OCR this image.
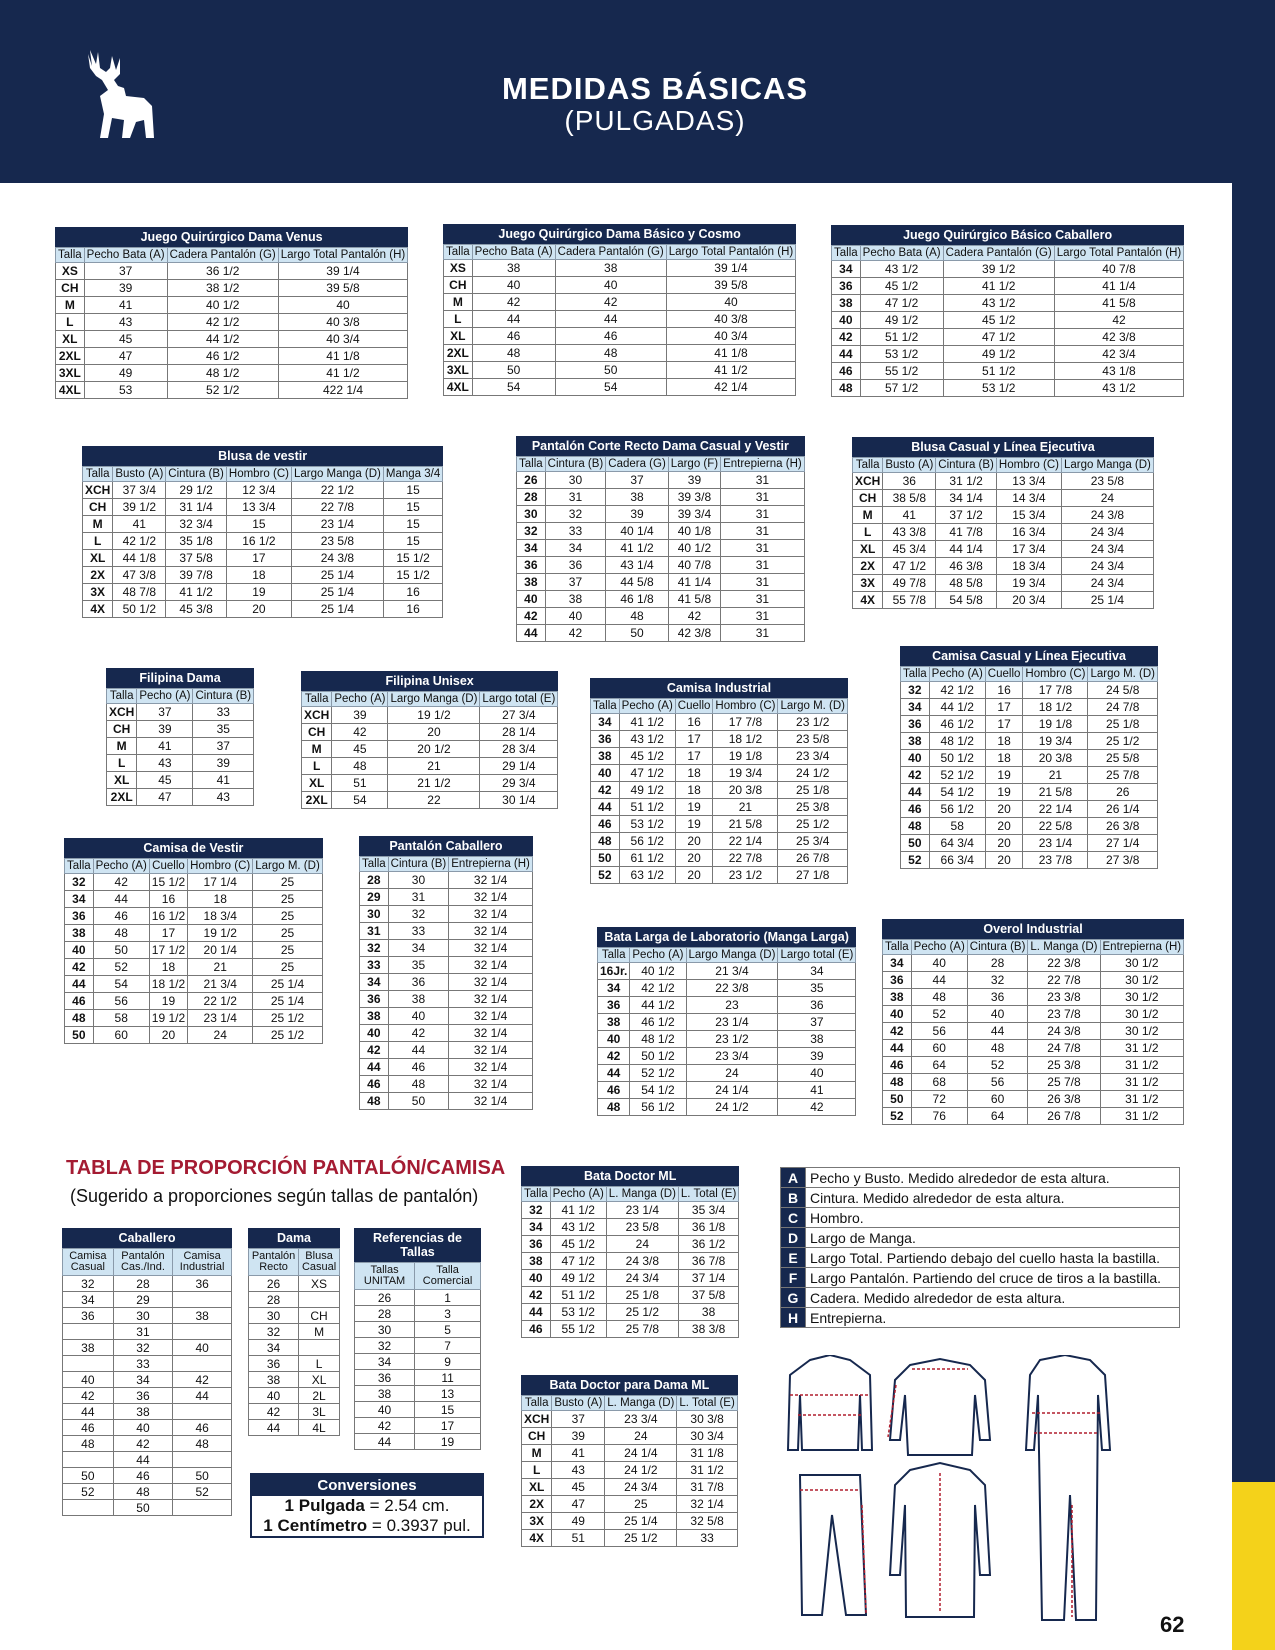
MEDIDAS BÁSICAS
(PULGADAS)
Juego Quirúrgico Dama Venus
Talla	Pecho Bata (A)	Cadera Pantalón (G)	Largo Total Pantalón (H)
XS	37	36 1/2	39 1/4
CH	39	38 1/2	39 5/8
M	41	40 1/2	40
L	43	42 1/2	40 3/8
XL	45	44 1/2	40 3/4
2XL	47	46 1/2	41 1/8
3XL	49	48 1/2	41 1/2
4XL	53	52 1/2	422 1/4
Juego Quirúrgico Dama Básico y Cosmo
Talla	Pecho Bata (A)	Cadera Pantalón (G)	Largo Total Pantalón (H)
XS	38	38	39 1/4
CH	40	40	39 5/8
M	42	42	40
L	44	44	40 3/8
XL	46	46	40 3/4
2XL	48	48	41 1/8
3XL	50	50	41 1/2
4XL	54	54	42 1/4
Juego Quirúrgico Básico Caballero
Talla	Pecho Bata (A)	Cadera Pantalón (G)	Largo Total Pantalón (H)
34	43 1/2	39 1/2	40 7/8
36	45 1/2	41 1/2	41 1/4
38	47 1/2	43 1/2	41 5/8
40	49 1/2	45 1/2	42
42	51 1/2	47 1/2	42 3/8
44	53 1/2	49 1/2	42 3/4
46	55 1/2	51 1/2	43 1/8
48	57 1/2	53 1/2	43 1/2
Blusa de vestir
Talla	Busto (A)	Cintura (B)	Hombro (C)	Largo Manga (D)	Manga 3/4
XCH	37 3/4	29 1/2	12 3/4	22 1/2	15
CH	39 1/2	31 1/4	13 3/4	22 7/8	15
M	41	32 3/4	15	23 1/4	15
L	42 1/2	35 1/8	16 1/2	23 5/8	15
XL	44 1/8	37 5/8	17	24 3/8	15 1/2
2X	47 3/8	39 7/8	18	25 1/4	15 1/2
3X	48 7/8	41 1/2	19	25 1/4	16
4X	50 1/2	45 3/8	20	25 1/4	16
Pantalón Corte Recto Dama Casual y Vestir
Talla	Cintura (B)	Cadera (G)	Largo (F)	Entrepierna (H)
26	30	37	39	31
28	31	38	39 3/8	31
30	32	39	39 3/4	31
32	33	40 1/4	40 1/8	31
34	34	41 1/2	40 1/2	31
36	36	43 1/4	40 7/8	31
38	37	44 5/8	41 1/4	31
40	38	46 1/8	41 5/8	31
42	40	48	42	31
44	42	50	42 3/8	31
Blusa Casual y Línea Ejecutiva
Talla	Busto (A)	Cintura (B)	Hombro (C)	Largo Manga (D)
XCH	36	31 1/2	13 3/4	23 5/8
CH	38 5/8	34 1/4	14 3/4	24
M	41	37 1/2	15 3/4	24 3/8
L	43 3/8	41 7/8	16 3/4	24 3/4
XL	45 3/4	44 1/4	17 3/4	24 3/4
2X	47 1/2	46 3/8	18 3/4	24 3/4
3X	49 7/8	48 5/8	19 3/4	24 3/4
4X	55 7/8	54 5/8	20 3/4	25 1/4
Filipina Dama
Talla	Pecho (A)	Cintura (B)
XCH	37	33
CH	39	35
M	41	37
L	43	39
XL	45	41
2XL	47	43
Filipina Unisex
Talla	Pecho (A)	Largo Manga (D)	Largo total (E)
XCH	39	19 1/2	27 3/4
CH	42	20	28 1/4
M	45	20 1/2	28 3/4
L	48	21	29 1/4
XL	51	21 1/2	29 3/4
2XL	54	22	30 1/4
Camisa Industrial
Talla	Pecho (A)	Cuello	Hombro (C)	Largo M. (D)
34	41 1/2	16	17 7/8	23 1/2
36	43 1/2	17	18 1/2	23 5/8
38	45 1/2	17	19 1/8	23 3/4
40	47 1/2	18	19 3/4	24 1/2
42	49 1/2	18	20 3/8	25 1/8
44	51 1/2	19	21	25 3/8
46	53 1/2	19	21 5/8	25 1/2
48	56 1/2	20	22 1/4	25 3/4
50	61 1/2	20	22 7/8	26 7/8
52	63 1/2	20	23 1/2	27 1/8
Camisa Casual y Línea Ejecutiva
Talla	Pecho (A)	Cuello	Hombro (C)	Largo M. (D)
32	42 1/2	16	17 7/8	24 5/8
34	44 1/2	17	18 1/2	24 7/8
36	46 1/2	17	19 1/8	25 1/8
38	48 1/2	18	19 3/4	25 1/2
40	50 1/2	18	20 3/8	25 5/8
42	52 1/2	19	21	25 7/8
44	54 1/2	19	21 5/8	26
46	56 1/2	20	22 1/4	26 1/4
48	58	20	22 5/8	26 3/8
50	64 3/4	20	23 1/4	27 1/4
52	66 3/4	20	23 7/8	27 3/8
Camisa de Vestir
Talla	Pecho (A)	Cuello	Hombro (C)	Largo M. (D)
32	42	15 1/2	17 1/4	25
34	44	16	18	25
36	46	16 1/2	18 3/4	25
38	48	17	19 1/2	25
40	50	17 1/2	20 1/4	25
42	52	18	21	25
44	54	18 1/2	21 3/4	25 1/4
46	56	19	22 1/2	25 1/4
48	58	19 1/2	23 1/4	25 1/2
50	60	20	24	25 1/2
Pantalón Caballero
Talla	Cintura (B)	Entrepierna (H)
28	30	32 1/4
29	31	32 1/4
30	32	32 1/4
31	33	32 1/4
32	34	32 1/4
33	35	32 1/4
34	36	32 1/4
36	38	32 1/4
38	40	32 1/4
40	42	32 1/4
42	44	32 1/4
44	46	32 1/4
46	48	32 1/4
48	50	32 1/4
Bata Larga de Laboratorio (Manga Larga)
Talla	Pecho (A)	Largo Manga (D)	Largo total (E)
16Jr.	40 1/2	21 3/4	34
34	42 1/2	22 3/8	35
36	44 1/2	23	36
38	46 1/2	23 1/4	37
40	48 1/2	23 1/2	38
42	50 1/2	23 3/4	39
44	52 1/2	24	40
46	54 1/2	24 1/4	41
48	56 1/2	24 1/2	42
Overol Industrial
Talla	Pecho (A)	Cintura (B)	L. Manga (D)	Entrepierna (H)
34	40	28	22 3/8	30 1/2
36	44	32	22 7/8	30 1/2
38	48	36	23 3/8	30 1/2
40	52	40	23 7/8	30 1/2
42	56	44	24 3/8	30 1/2
44	60	48	24 7/8	31 1/2
46	64	52	25 3/8	31 1/2
48	68	56	25 7/8	31 1/2
50	72	60	26 3/8	31 1/2
52	76	64	26 7/8	31 1/2
Bata Doctor ML
Talla	Pecho (A)	L. Manga (D)	L. Total (E)
32	41 1/2	23 1/4	35 3/4
34	43 1/2	23 5/8	36 1/8
36	45 1/2	24	36 1/2
38	47 1/2	24 3/8	36 7/8
40	49 1/2	24 3/4	37 1/4
42	51 1/2	25 1/8	37 5/8
44	53 1/2	25 1/2	38
46	55 1/2	25 7/8	38 3/8
Bata Doctor para Dama ML
Talla	Busto (A)	L. Manga (D)	L. Total (E)
XCH	37	23 3/4	30 3/8
CH	39	24	30 3/4
M	41	24 1/4	31 1/8
L	43	24 1/2	31 1/2
XL	45	24 3/4	31 7/8
2X	47	25	32 1/4
3X	49	25 1/4	32 5/8
4X	51	25 1/2	33
TABLA DE PROPORCIÓN PANTALÓN/CAMISA
(Sugerido a proporciones según tallas de pantalón)
Caballero
Camisa Casual	Pantalón Cas./Ind.	Camisa Industrial
32	28	36
34	29	
36	30	38
	31	
38	32	40
	33	
40	34	42
42	36	44
44	38	
46	40	46
48	42	48
	44	
50	46	50
52	48	52
	50	
Dama
Pantalón Recto	Blusa Casual
26	XS
28	
30	CH
32	M
34	
36	L
38	XL
40	2L
42	3L
44	4L
Referencias de Tallas
Tallas UNITAM	Talla Comercial
26	1
28	3
30	5
32	7
34	9
36	11
38	13
40	15
42	17
44	19
Conversiones
1 Pulgada = 2.54 cm.
1 Centímetro = 0.3937 pul.
A	Pecho y Busto. Medido alrededor de esta altura.
B	Cintura. Medido alrededor de esta altura.
C	Hombro.
D	Largo de Manga.
E	Largo Total. Partiendo debajo del cuello hasta la bastilla.
F	Largo Pantalón. Partiendo del cruce de tiros a la bastilla.
G	Cadera. Medido alrededor de esta altura.
H	Entrepierna.
62
